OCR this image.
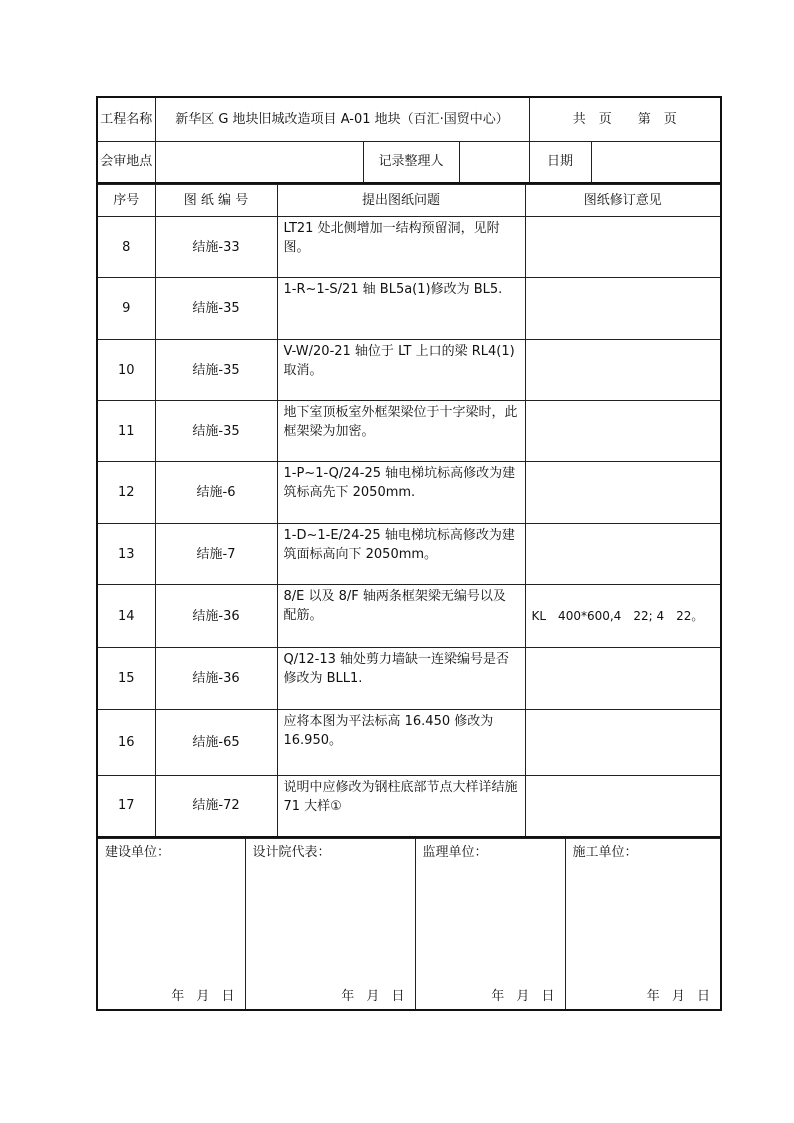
工程名称	新华区 G 地块旧城改造项目 A-01 地块（百汇·国贸中心）			共　页　　第　页	
会审地点		记录整理人		日期	
序号	图 纸 编 号	提出图纸问题	图纸修订意见
8	结施-33	LT21 处北侧增加一结构预留洞，见附图。	
9	结施-35	1-R~1-S/21 轴 BL5a(1)修改为 BL5.	
10	结施-35	V-W/20-21 轴位于 LT 上口的梁 RL4(1)取消。	
11	结施-35	地下室顶板室外框架梁位于十字梁时，此框架梁为加密。	
12	结施-6	1-P~1-Q/24-25 轴电梯坑标高修改为建筑标高先下 2050mm.	
13	结施-7	1-D~1-E/24-25 轴电梯坑标高修改为建筑面标高向下 2050mm。	
14	结施-36	8/E 以及 8/F 轴两条框架梁无编号以及配筋。	KL　400*600,4　22; 4　22。
15	结施-36	Q/12-13 轴处剪力墙缺一连梁编号是否修改为 BLL1.	
16	结施-65	应将本图为平法标高 16.450 修改为 16.950。	
17	结施-72	说明中应修改为钢柱底部节点大样详结施 71 大样①	
建设单位：
年 月 日

设计院代表：
年 月 日

监理单位：
年 月 日

施工单位：
年 月 日
